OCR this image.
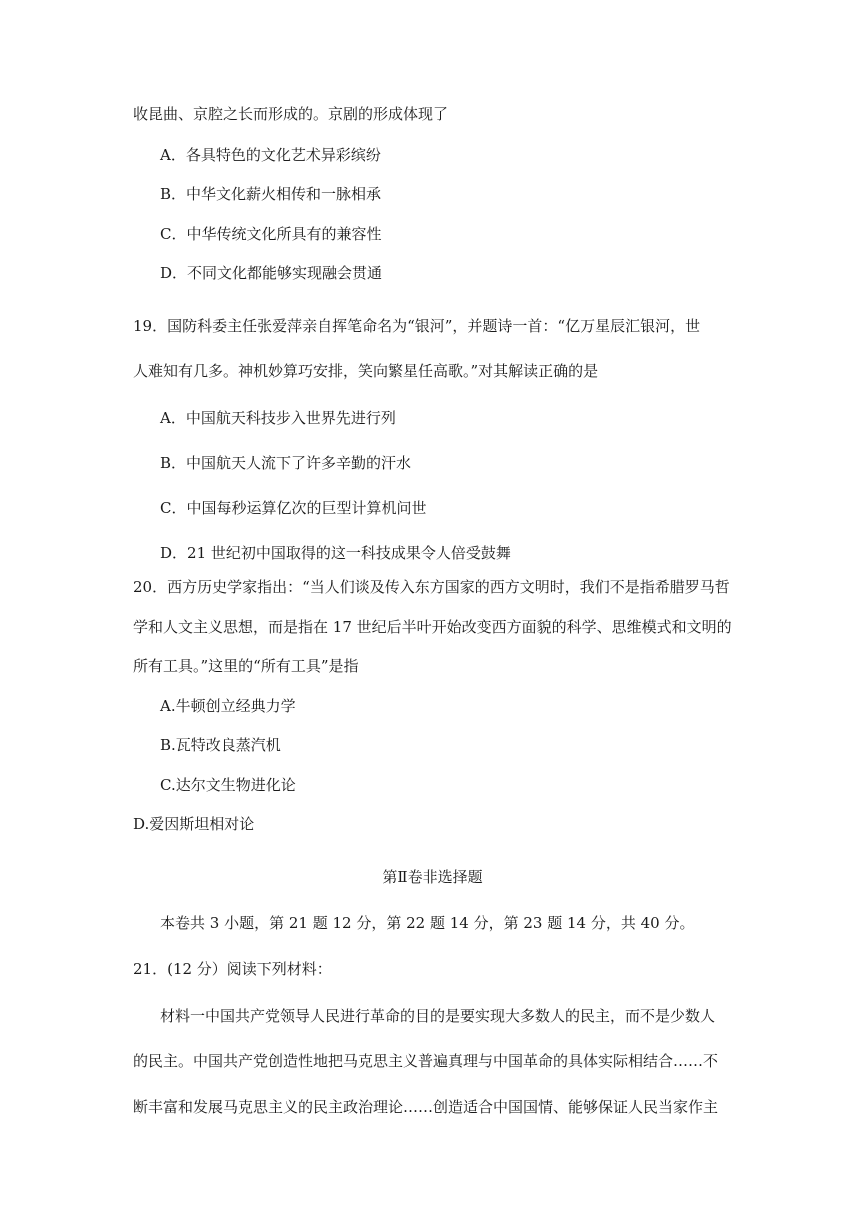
收昆曲、京腔之长而形成的。京剧的形成体现了
A．各具特色的文化艺术异彩缤纷
B．中华文化薪火相传和一脉相承
C．中华传统文化所具有的兼容性
D．不同文化都能够实现融会贯通
19．国防科委主任张爱萍亲自挥笔命名为“银河”，并题诗一首：“亿万星辰汇银河，世
人难知有几多。神机妙算巧安排，笑向繁星任高歌。”对其解读正确的是
A．中国航天科技步入世界先进行列
B．中国航天人流下了许多辛勤的汗水
C．中国每秒运算亿次的巨型计算机问世
D．21 世纪初中国取得的这一科技成果令人倍受鼓舞
20．西方历史学家指出：“当人们谈及传入东方国家的西方文明时，我们不是指希腊罗马哲
学和人文主义思想，而是指在 17 世纪后半叶开始改变西方面貌的科学、思维模式和文明的
所有工具。”这里的“所有工具”是指
A.牛顿创立经典力学
B.瓦特改良蒸汽机
C.达尔文生物进化论
D.爱因斯坦相对论
第Ⅱ卷非选择题
本卷共 3 小题，第 21 题 12 分，第 22 题 14 分，第 23 题 14 分，共 40 分。
21．(12 分）阅读下列材料：
材料一中国共产党领导人民进行革命的目的是要实现大多数人的民主，而不是少数人
的民主。中国共产党创造性地把马克思主义普遍真理与中国革命的具体实际相结合……不
断丰富和发展马克思主义的民主政治理论……创造适合中国国情、能够保证人民当家作主
